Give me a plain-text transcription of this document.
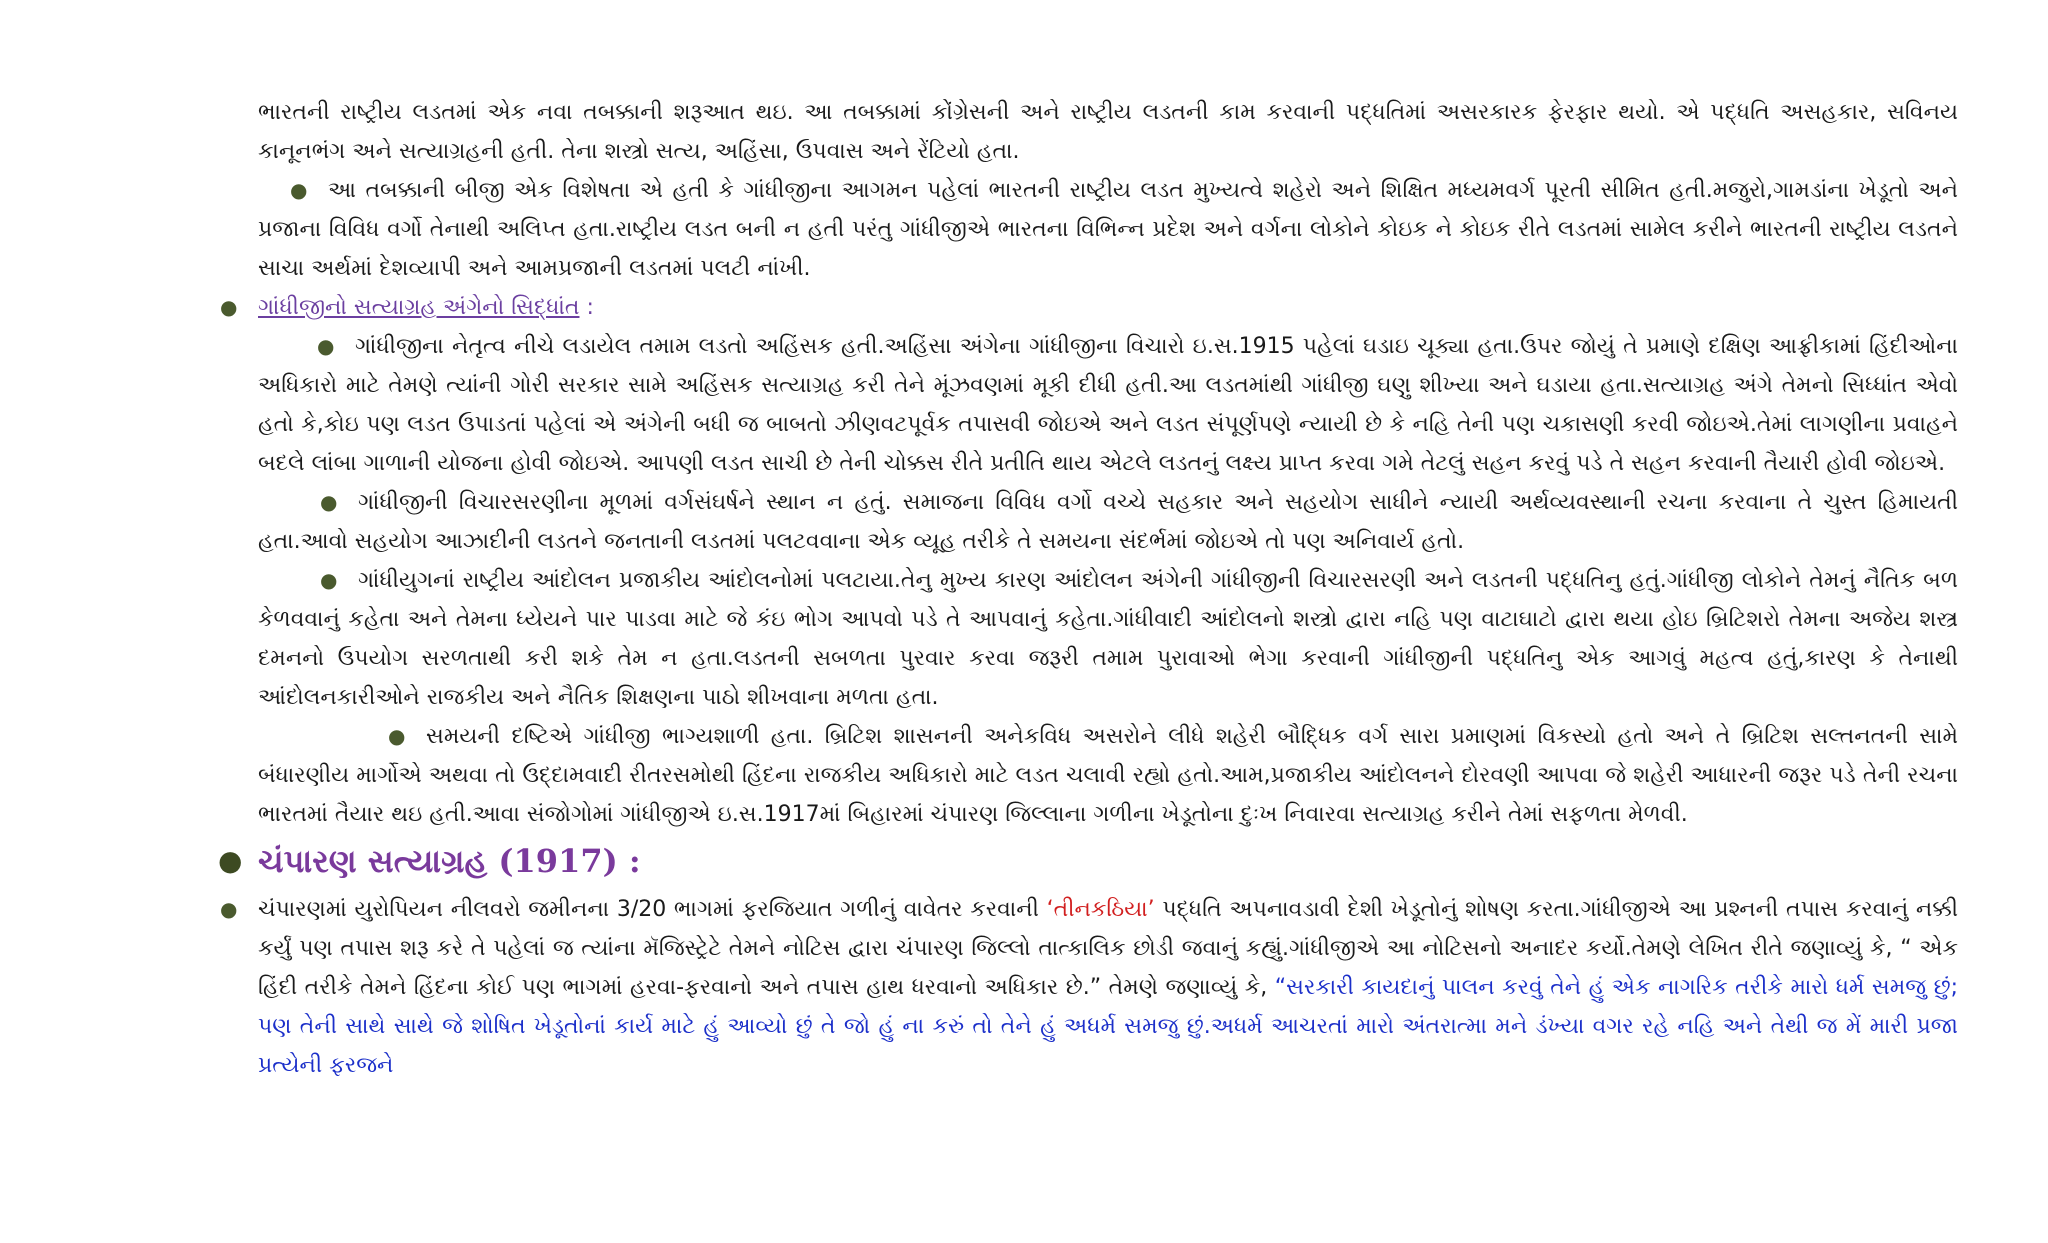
ભારતની રાષ્ટ્રીય લડતમાં એક નવા તબક્કાની શરૂઆત થઇ. આ તબક્કામાં કોંગ્રેસની અને રાષ્ટ્રીય લડતની કામ કરવાની પદ્ધતિમાં અસરકારક ફેરફાર થયો. એ પદ્ધતિ અસહકાર, સવિનય કાનૂનભંગ અને સત્યાગ્રહની હતી. તેના શસ્ત્રો સત્ય, અહિંસા, ઉપવાસ અને રેંટિયો હતા.

● આ તબક્કાની બીજી એક વિશેષતા એ હતી કે ગાંધીજીના આગમન પહેલાં ભારતની રાષ્ટ્રીય લડત મુખ્યત્વે શહેરો અને શિક્ષિત મધ્યમવર્ગ પૂરતી સીમિત હતી.મજુરો,ગામડાંના ખેડૂતો અને પ્રજાના વિવિધ વર્ગો તેનાથી અલિપ્ત હતા.રાષ્ટ્રીય લડત બની ન હતી પરંતુ ગાંધીજીએ ભારતના વિભિન્ન પ્રદેશ અને વર્ગના લોકોને કોઇક ને કોઇક રીતે લડતમાં સામેલ કરીને ભારતની રાષ્ટ્રીય લડતને સાચા અર્થમાં દેશવ્યાપી અને આમપ્રજાની લડતમાં પલટી નાંખી.

● ગાંધીજીનો સત્યાગ્રહ અંગેનો સિદ્ધાંત :

● ગાંધીજીના નેતૃત્વ નીચે લડાયેલ તમામ લડતો અહિંસક હતી.અહિંસા અંગેના ગાંધીજીના વિચારો ઇ.સ.1915 પહેલાં ઘડાઇ ચૂક્યા હતા.ઉપર જોયું તે પ્રમાણે દક્ષિણ આફ્રીકામાં હિંદીઓના અધિકારો માટે તેમણે ત્યાંની ગોરી સરકાર સામે અહિંસક સત્યાગ્રહ કરી તેને મૂંઝવણમાં મૂકી દીધી હતી.આ લડતમાંથી ગાંધીજી ઘણુ શીખ્યા અને ઘડાયા હતા.સત્યાગ્રહ અંગે તેમનો સિધ્ધાંત એવો હતો કે,કોઇ પણ લડત ઉપાડતાં પહેલાં એ અંગેની બધી જ બાબતો ઝીણવટપૂર્વક તપાસવી જોઇએ અને લડત સંપૂર્ણપણે ન્યાયી છે કે નહિ તેની પણ ચકાસણી કરવી જોઇએ.તેમાં લાગણીના પ્રવાહને બદલે લાંબા ગાળાની યોજના હોવી જોઇએ. આપણી લડત સાચી છે તેની ચોક્કસ રીતે પ્રતીતિ થાય એટલે લડતનું લક્ષ્ય પ્રાપ્ત કરવા ગમે તેટલું સહન કરવું પડે તે સહન કરવાની તૈયારી હોવી જોઇએ.

● ગાંધીજીની વિચારસરણીના મૂળમાં વર્ગસંઘર્ષને સ્થાન ન હતું. સમાજના વિવિધ વર્ગો વચ્ચે સહકાર અને સહયોગ સાધીને ન્યાયી અર્થવ્યવસ્થાની રચના કરવાના તે ચુસ્ત હિમાયતી હતા.આવો સહયોગ આઝાદીની લડતને જનતાની લડતમાં પલટવવાના એક વ્યૂહ તરીકે તે સમયના સંદર્ભમાં જોઇએ તો પણ અનિવાર્ય હતો.

● ગાંધીયુગનાં રાષ્ટ્રીય આંદોલન પ્રજાકીય આંદોલનોમાં પલટાયા.તેનુ મુખ્ય કારણ આંદોલન અંગેની ગાંધીજીની વિચારસરણી અને લડતની પદ્ધતિનુ હતું.ગાંધીજી લોકોને તેમનું નૈતિક બળ કેળવવાનું કહેતા અને તેમના ધ્યેયને પાર પાડવા માટે જે કંઇ ભોગ આપવો પડે તે આપવાનું કહેતા.ગાંધીવાદી આંદોલનો શસ્ત્રો દ્વારા નહિ પણ વાટાઘાટો દ્વારા થયા હોઇ બ્રિટિશરો તેમના અજેય શસ્ત્ર દમનનો ઉપયોગ સરળતાથી કરી શકે તેમ ન હતા.લડતની સબળતા પુરવાર કરવા જરૂરી તમામ પુરાવાઓ ભેગા કરવાની ગાંધીજીની પદ્ધતિનુ એક આગવું મહત્વ હતું,કારણ કે તેનાથી આંદોલનકારીઓને રાજકીય અને નૈતિક શિક્ષણના પાઠો શીખવાના મળતા હતા.

● સમયની દષ્ટિએ ગાંધીજી ભાગ્યશાળી હતા. બ્રિટિશ શાસનની અનેકવિધ અસરોને લીધે શહેરી બૌદ્ધિક વર્ગ સારા પ્રમાણમાં વિકસ્યો હતો અને તે બ્રિટિશ સલ્તનતની સામે બંધારણીય માર્ગોએ અથવા તો ઉદ્દામવાદી રીતરસમોથી હિંદના રાજકીય અધિકારો માટે લડત ચલાવી રહ્યો હતો.આમ,પ્રજાકીય આંદોલનને દોરવણી આપવા જે શહેરી આધારની જરૂર પડે તેની રચના ભારતમાં તૈયાર થઇ હતી.આવા સંજોગોમાં ગાંધીજીએ ઇ.સ.1917માં બિહારમાં ચંપારણ જિલ્લાના ગળીના ખેડૂતોના દુઃખ નિવારવા સત્યાગ્રહ કરીને તેમાં સફળતા મેળવી.

● ચંપારણ સત્યાગ્રહ (1917) :

● ચંપારણમાં યુરોપિયન નીલવરો જમીનના 3/20 ભાગમાં ફરજિયાત ગળીનું વાવેતર કરવાની ‘તીનકઠિયા’ પદ્ધતિ અપનાવડાવી દેશી ખેડૂતોનું શોષણ કરતા.ગાંધીજીએ આ પ્રશ્નની તપાસ કરવાનું નક્કી કર્યું પણ તપાસ શરૂ કરે તે પહેલાં જ ત્યાંના મૅજિસ્ટ્રેટે તેમને નોટિસ દ્વારા ચંપારણ જિલ્લો તાત્કાલિક છોડી જવાનું કહ્યું.ગાંધીજીએ આ નોટિસનો અનાદર કર્યો.તેમણે લેખિત રીતે જણાવ્યું કે, “ એક હિંદી તરીકે તેમને હિંદના કોઈ પણ ભાગમાં હરવા-ફરવાનો અને તપાસ હાથ ધરવાનો અધિકાર છે.” તેમણે જણાવ્યું કે, “સરકારી કાયદાનું પાલન કરવું તેને હું એક નાગરિક તરીકે મારો ધર્મ સમજુ છું; પણ તેની સાથે સાથે જે શોષિત ખેડૂતોનાં કાર્ય માટે હું આવ્યો છું તે જો હું ના કરું તો તેને હું અધર્મ સમજુ છું.અધર્મ આચરતાં મારો અંતરાત્મા મને ડંખ્યા વગર રહે નહિ અને તેથી જ મેં મારી પ્રજા પ્રત્યેની ફરજને
